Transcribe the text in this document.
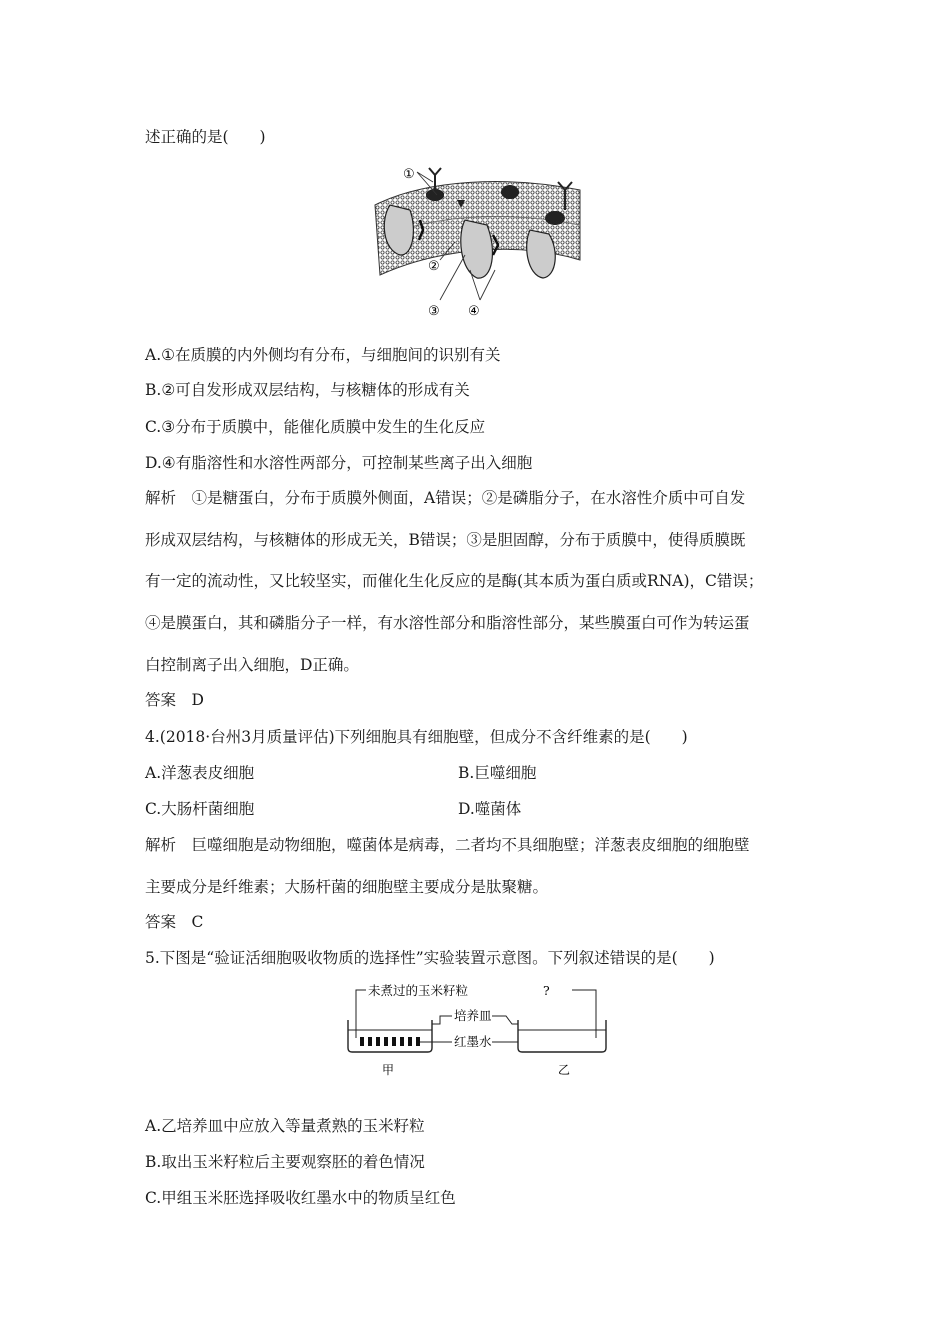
述正确的是(　　)
①
②
③ ④
A.①在质膜的内外侧均有分布，与细胞间的识别有关
B.②可自发形成双层结构，与核糖体的形成有关
C.③分布于质膜中，能催化质膜中发生的生化反应
D.④有脂溶性和水溶性两部分，可控制某些离子出入细胞
解析　①是糖蛋白，分布于质膜外侧面，A错误；②是磷脂分子，在水溶性介质中可自发
形成双层结构，与核糖体的形成无关，B错误；③是胆固醇，分布于质膜中，使得质膜既
有一定的流动性，又比较坚实，而催化生化反应的是酶(其本质为蛋白质或RNA)，C错误；
④是膜蛋白，其和磷脂分子一样，有水溶性部分和脂溶性部分，某些膜蛋白可作为转运蛋
白控制离子出入细胞，D正确。
答案　D
4.(2018·台州3月质量评估)下列细胞具有细胞壁，但成分不含纤维素的是(　　)
A.洋葱表皮细胞	B.巨噬细胞
C.大肠杆菌细胞	D.噬菌体
解析　巨噬细胞是动物细胞，噬菌体是病毒，二者均不具细胞壁；洋葱表皮细胞的细胞壁
主要成分是纤维素；大肠杆菌的细胞壁主要成分是肽聚糖。
答案　C
5.下图是“验证活细胞吸收物质的选择性”实验装置示意图。下列叙述错误的是(　　)
未煮过的玉米籽粒	?
培养皿
红墨水
甲	乙
A.乙培养皿中应放入等量煮熟的玉米籽粒
B.取出玉米籽粒后主要观察胚的着色情况
C.甲组玉米胚选择吸收红墨水中的物质呈红色
